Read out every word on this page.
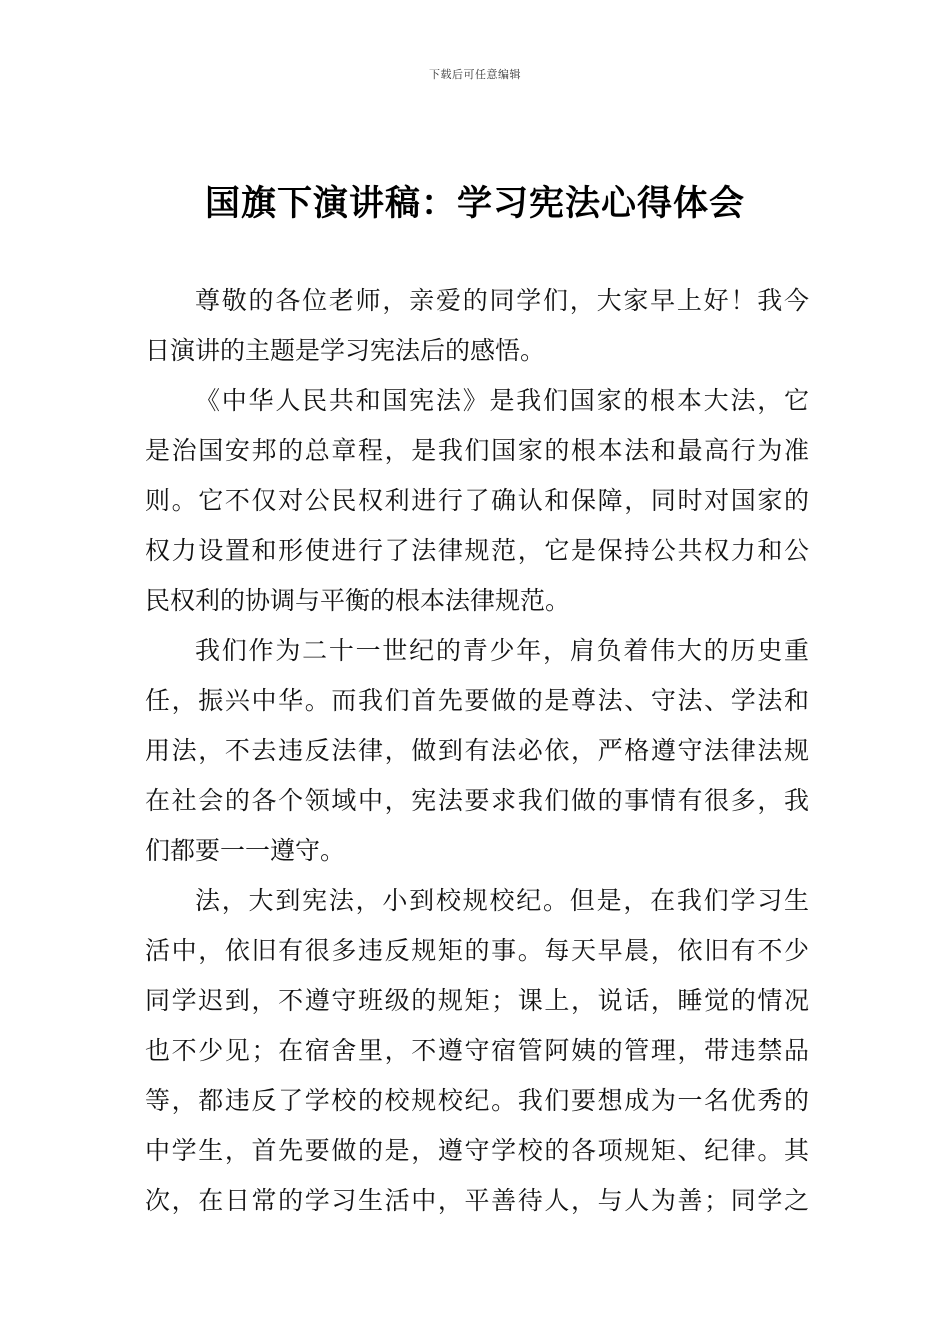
下载后可任意编辑
国旗下演讲稿：学习宪法心得体会
尊敬的各位老师，亲爱的同学们，大家早上好！我今
日演讲的主题是学习宪法后的感悟。
《中华人民共和国宪法》是我们国家的根本大法，它
是治国安邦的总章程，是我们国家的根本法和最高行为准
则。它不仅对公民权利进行了确认和保障，同时对国家的
权力设置和形使进行了法律规范，它是保持公共权力和公
民权利的协调与平衡的根本法律规范。
我们作为二十一世纪的青少年，肩负着伟大的历史重
任，振兴中华。而我们首先要做的是尊法、守法、学法和
用法，不去违反法律，做到有法必依，严格遵守法律法规
在社会的各个领域中，宪法要求我们做的事情有很多，我
们都要一一遵守。
法，大到宪法，小到校规校纪。但是，在我们学习生
活中，依旧有很多违反规矩的事。每天早晨，依旧有不少
同学迟到，不遵守班级的规矩；课上，说话，睡觉的情况
也不少见；在宿舍里，不遵守宿管阿姨的管理，带违禁品
等，都违反了学校的校规校纪。我们要想成为一名优秀的
中学生，首先要做的是，遵守学校的各项规矩、纪律。其
次，在日常的学习生活中，平善待人，与人为善；同学之
